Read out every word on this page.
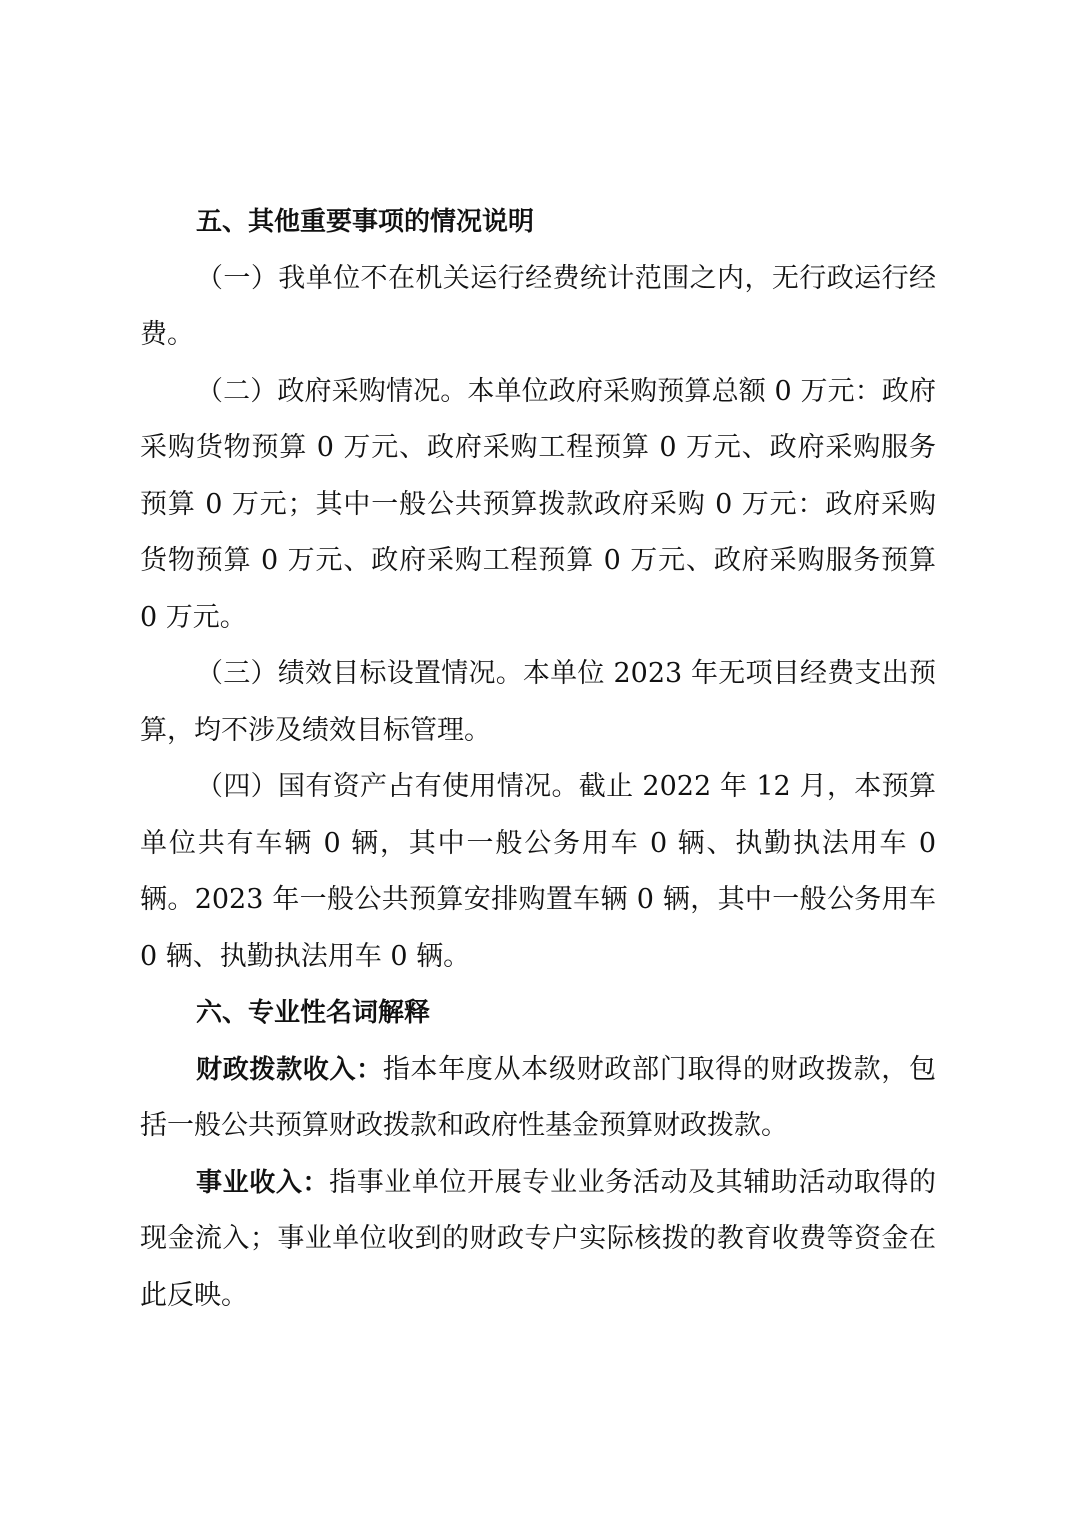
五、其他重要事项的情况说明

（一）我单位不在机关运行经费统计范围之内，无行政运行经费。

（二）政府采购情况。本单位政府采购预算总额 0 万元：政府采购货物预算 0 万元、政府采购工程预算 0 万元、政府采购服务预算 0 万元；其中一般公共预算拨款政府采购 0 万元：政府采购货物预算 0 万元、政府采购工程预算 0 万元、政府采购服务预算 0 万元。

（三）绩效目标设置情况。本单位 2023 年无项目经费支出预算，均不涉及绩效目标管理。

（四）国有资产占有使用情况。截止 2022 年 12 月，本预算单位共有车辆 0 辆，其中一般公务用车 0 辆、执勤执法用车 0 辆。2023 年一般公共预算安排购置车辆 0 辆，其中一般公务用车 0 辆、执勤执法用车 0 辆。

六、专业性名词解释

财政拨款收入：指本年度从本级财政部门取得的财政拨款，包括一般公共预算财政拨款和政府性基金预算财政拨款。

事业收入：指事业单位开展专业业务活动及其辅助活动取得的现金流入；事业单位收到的财政专户实际核拨的教育收费等资金在此反映。
